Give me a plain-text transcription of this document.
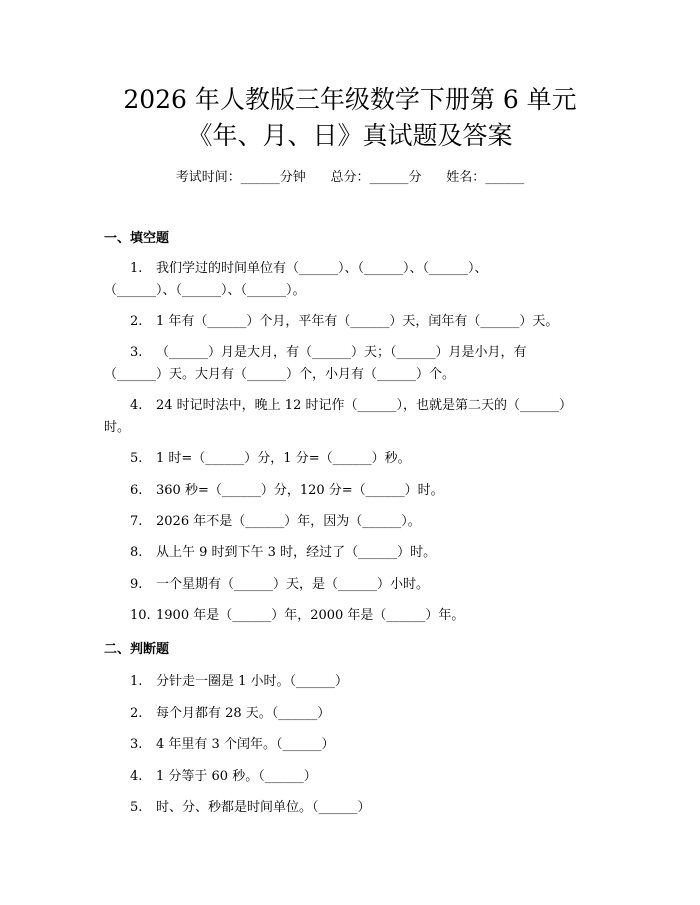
2026 年人教版三年级数学下册第 6 单元
《年、月、日》真试题及答案
考试时间：______分钟      总分：______分      姓名：______
一、填空题
1. 我们学过的时间单位有（______）、（______）、（______）、
（______）、（______）、（______）。
2. 1 年有（______）个月，平年有（______）天，闰年有（______）天。
3. （______）月是大月，有（______）天；（______）月是小月，有
（______）天。大月有（______）个，小月有（______）个。
4. 24 时记时法中，晚上 12 时记作（______），也就是第二天的（______）
时。
5. 1 时=（______）分，1 分=（______）秒。
6. 360 秒=（______）分，120 分=（______）时。
7. 2026 年不是（______）年，因为（______）。
8. 从上午 9 时到下午 3 时，经过了（______）时。
9. 一个星期有（______）天，是（______）小时。
10. 1900 年是（______）年，2000 年是（______）年。
二、判断题
1. 分针走一圈是 1 小时。（______）
2. 每个月都有 28 天。（______）
3. 4 年里有 3 个闰年。（______）
4. 1 分等于 60 秒。（______）
5. 时、分、秒都是时间单位。（______）
